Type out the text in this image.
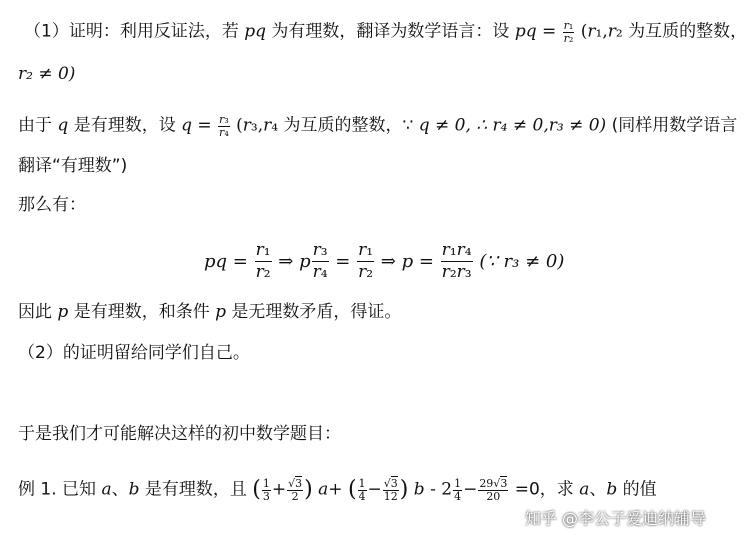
（1）证明：利用反证法，若 pq 为有理数，翻译为数学语言：设 pq = $\frac{\text{r₁}}{\text{r₂}} (r_1,r_2$ 为互质的整数，
r₂ ≠ 0)
由于 q 是有理数，设 $q = \frac{\text{r₃}}{\text{r₄}} (r_3,r_4$ 为互质的整数，∵ q ≠ 0, ∴ r₄ ≠ 0,r₃ ≠ 0) (同样用数学语言
翻译“有理数”)
那么有：
pq = $\frac{\text{r₁}}{\text{r₂}}$ ⇒ p $\frac{\text{r₃}}{\text{r₄}} = \frac{\text{r₁}}{\text{r₂}}$ ⇒ $p = \frac{\text{r₁r₄}}{\text{r₂r₃}}$ (∵ r₃ ≠ 0)
因此 p 是有理数，和条件 p 是无理数矛盾，得证。
（2）的证明留给同学们自己。
于是我们才可能解决这样的初中数学题目：
例 1. 已知 a、b 是有理数，且 ( $\frac{1}{3} + \frac{√3}{2}$ ) a+ ( $\frac{1}{4} - \frac{√3}{12}$ ) $b - 2 \frac{1}{4} - \frac{29√3}{20} =0$，求 a、b 的值
知乎 @李公子爱迪纳辅导
